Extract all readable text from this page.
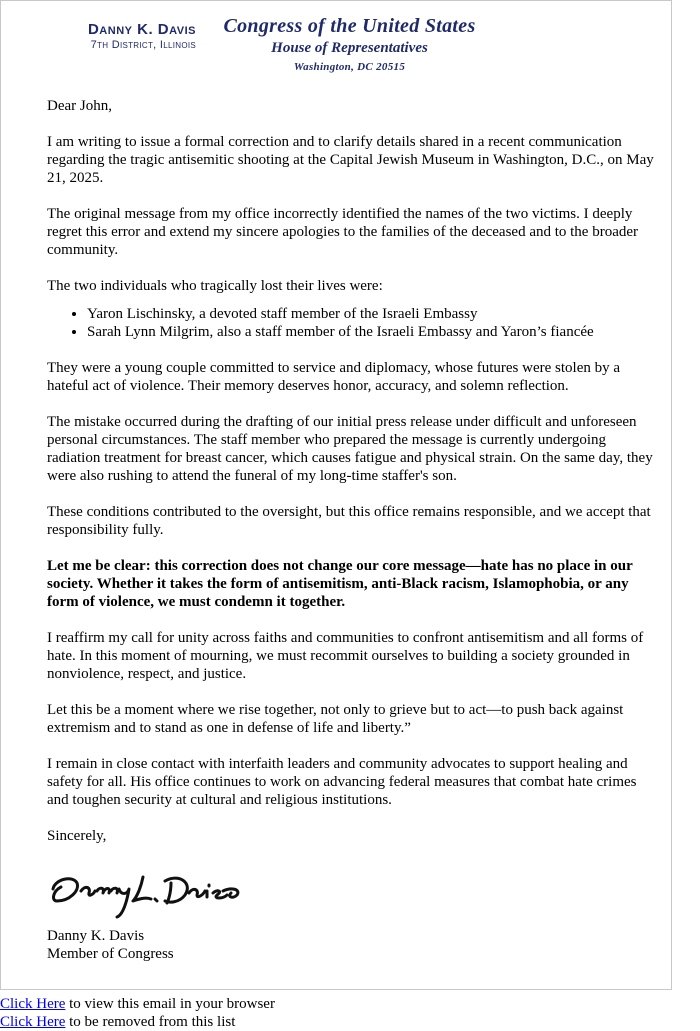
Danny K. Davis
7th District, Illinois
Congress of the United States
House of Representatives
Washington, DC 20515

Dear John,

I am writing to issue a formal correction and to clarify details shared in a recent communication regarding the tragic antisemitic shooting at the Capital Jewish Museum in Washington, D.C., on May 21, 2025.

The original message from my office incorrectly identified the names of the two victims. I deeply regret this error and extend my sincere apologies to the families of the deceased and to the broader community.

The two individuals who tragically lost their lives were:

• Yaron Lischinsky, a devoted staff member of the Israeli Embassy
• Sarah Lynn Milgrim, also a staff member of the Israeli Embassy and Yaron’s fiancée

They were a young couple committed to service and diplomacy, whose futures were stolen by a hateful act of violence. Their memory deserves honor, accuracy, and solemn reflection.

The mistake occurred during the drafting of our initial press release under difficult and unforeseen personal circumstances. The staff member who prepared the message is currently undergoing radiation treatment for breast cancer, which causes fatigue and physical strain. On the same day, they were also rushing to attend the funeral of my long-time staffer's son.

These conditions contributed to the oversight, but this office remains responsible, and we accept that responsibility fully.

Let me be clear: this correction does not change our core message—hate has no place in our society. Whether it takes the form of antisemitism, anti-Black racism, Islamophobia, or any form of violence, we must condemn it together.

I reaffirm my call for unity across faiths and communities to confront antisemitism and all forms of hate. In this moment of mourning, we must recommit ourselves to building a society grounded in nonviolence, respect, and justice.

Let this be a moment where we rise together, not only to grieve but to act—to push back against extremism and to stand as one in defense of life and liberty.”

I remain in close contact with interfaith leaders and community advocates to support healing and safety for all. His office continues to work on advancing federal measures that combat hate crimes and toughen security at cultural and religious institutions.

Sincerely,

Danny K. Davis
Member of Congress
Click Here to view this email in your browser
Click Here to be removed from this list
